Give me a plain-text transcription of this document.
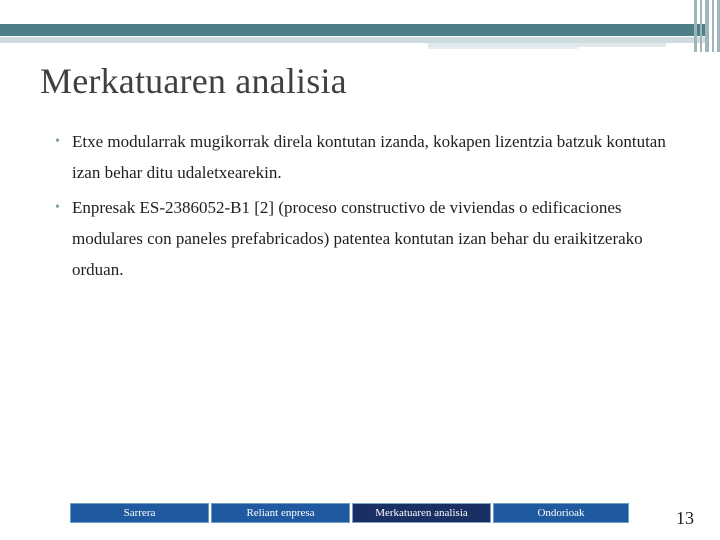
Merkatuaren analisia
• Etxe modularrak mugikorrak direla kontutan izanda, kokapen lizentzia batzuk kontutan izan behar ditu udaletxearekin.
• Enpresak ES-2386052-B1 [2] (proceso constructivo de viviendas o edificaciones modulares con paneles prefabricados) patentea kontutan izan behar du eraikitzerako orduan.
Sarrera	Reliant enpresa	Merkatuaren analisia	Ondorioak	13
